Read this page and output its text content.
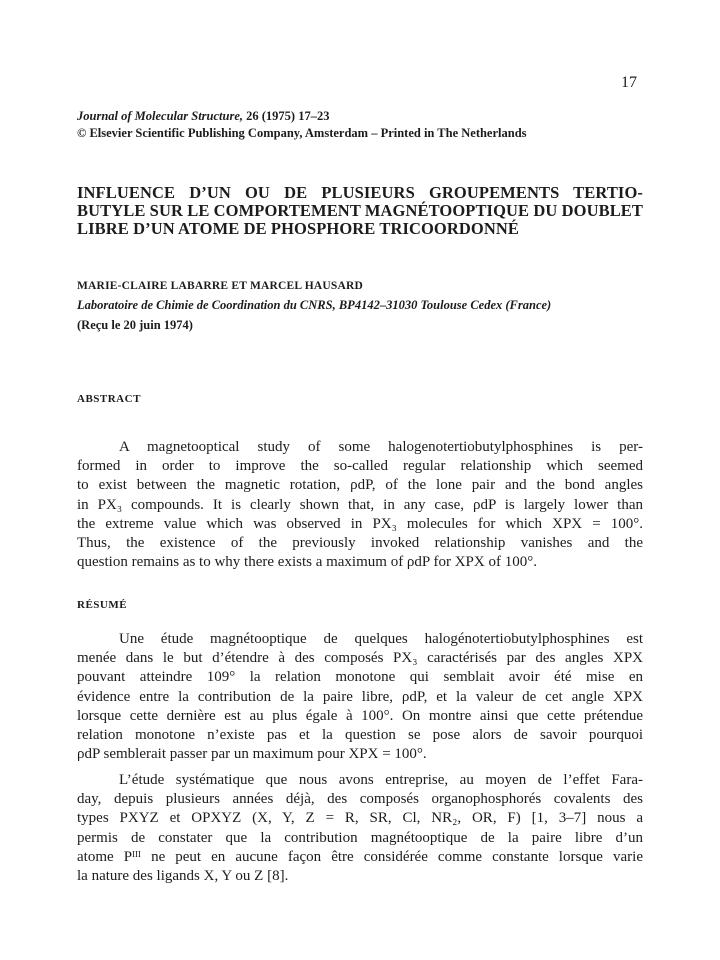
17
Journal of Molecular Structure, 26 (1975) 17–23
© Elsevier Scientific Publishing Company, Amsterdam – Printed in The Netherlands
INFLUENCE D’UN OU DE PLUSIEURS GROUPEMENTS TERTIO-
BUTYLE SUR LE COMPORTEMENT MAGNÉTOOPTIQUE DU DOUBLET
LIBRE D’UN ATOME DE PHOSPHORE TRICOORDONNÉ
MARIE-CLAIRE LABARRE ET MARCEL HAUSARD
Laboratoire de Chimie de Coordination du CNRS, BP4142–31030 Toulouse Cedex (France)
(Reçu le 20 juin 1974)
ABSTRACT
A magnetooptical study of some halogenotertiobutylphosphines is per-
formed in order to improve the so-called regular relationship which seemed
to exist between the magnetic rotation, ρdP, of the lone pair and the bond angles
in PX₃ compounds. It is clearly shown that, in any case, ρdP is largely lower than
the extreme value which was observed in PX₃ molecules for which XPX = 100°.
Thus, the existence of the previously invoked relationship vanishes and the
question remains as to why there exists a maximum of ρdP for XPX of 100°.
RÉSUMÉ
Une étude magnétooptique de quelques halogénotertiobutylphosphines est
menée dans le but d’étendre à des composés PX₃ caractérisés par des angles XPX
pouvant atteindre 109° la relation monotone qui semblait avoir été mise en
évidence entre la contribution de la paire libre, ρdP, et la valeur de cet angle XPX
lorsque cette dernière est au plus égale à 100°. On montre ainsi que cette prétendue
relation monotone n’existe pas et la question se pose alors de savoir pourquoi
ρdP semblerait passer par un maximum pour XPX = 100°.
L’étude systématique que nous avons entreprise, au moyen de l’effet Fara-
day, depuis plusieurs années déjà, des composés organophosphorés covalents des
types PXYZ et OPXYZ (X, Y, Z = R, SR, Cl, NR₂, OR, F) [1, 3–7] nous a
permis de constater que la contribution magnétooptique de la paire libre d’un
atome Pᴵᴵᴵ ne peut en aucune façon être considérée comme constante lorsque varie
la nature des ligands X, Y ou Z [8].
